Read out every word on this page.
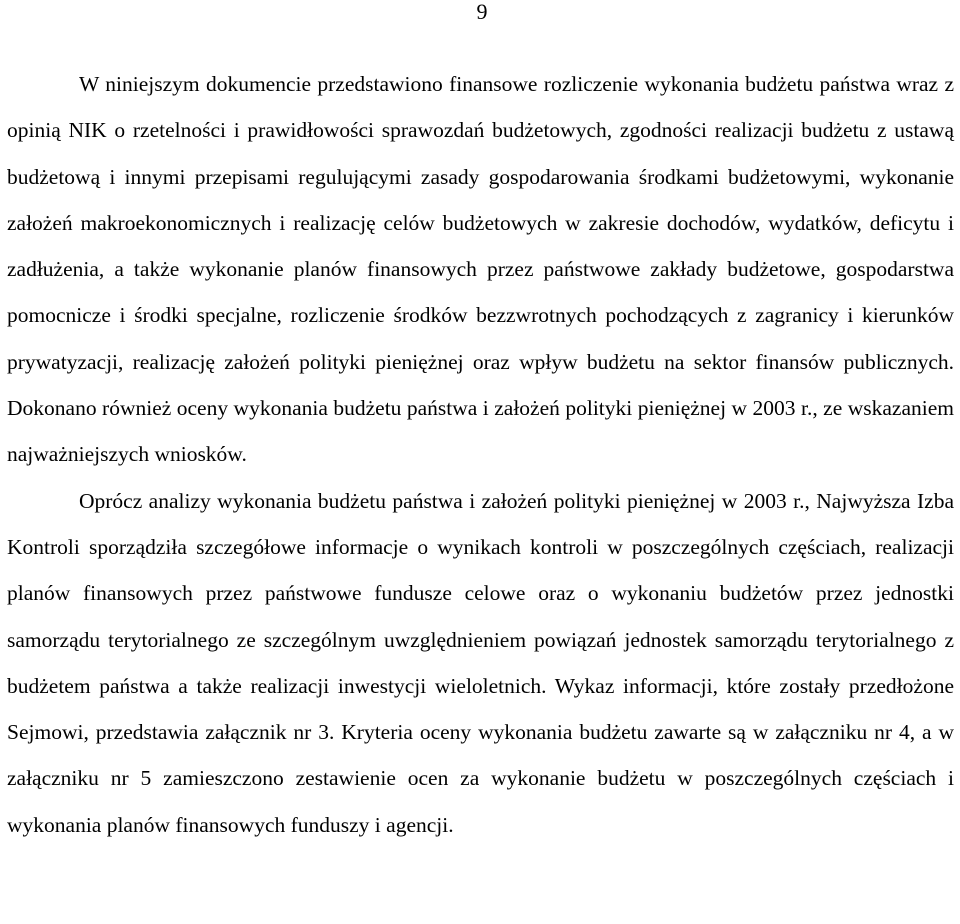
9

W niniejszym dokumencie przedstawiono finansowe rozliczenie wykonania budżetu państwa wraz z opinią NIK o rzetelności i prawidłowości sprawozdań budżetowych, zgodności realizacji budżetu z ustawą budżetową i innymi przepisami regulującymi zasady gospodarowania środkami budżetowymi, wykonanie założeń makroekonomicznych i realizację celów budżetowych w zakresie dochodów, wydatków, deficytu i zadłużenia, a także wykonanie planów finansowych przez państwowe zakłady budżetowe, gospodarstwa pomocnicze i środki specjalne, rozliczenie środków bezzwrotnych pochodzących z zagranicy i kierunków prywatyzacji, realizację założeń polityki pieniężnej oraz wpływ budżetu na sektor finansów publicznych. Dokonano również oceny wykonania budżetu państwa i założeń polityki pieniężnej w 2003 r., ze wskazaniem najważniejszych wniosków.

Oprócz analizy wykonania budżetu państwa i założeń polityki pieniężnej w 2003 r., Najwyższa Izba Kontroli sporządziła szczegółowe informacje o wynikach kontroli w poszczególnych częściach, realizacji planów finansowych przez państwowe fundusze celowe oraz o wykonaniu budżetów przez jednostki samorządu terytorialnego ze szczególnym uwzględnieniem powiązań jednostek samorządu terytorialnego z budżetem państwa a także realizacji inwestycji wieloletnich. Wykaz informacji, które zostały przedłożone Sejmowi, przedstawia załącznik nr 3. Kryteria oceny wykonania budżetu zawarte są w załączniku nr 4, a w załączniku nr 5 zamieszczono zestawienie ocen za wykonanie budżetu w poszczególnych częściach i wykonania planów finansowych funduszy i agencji.
